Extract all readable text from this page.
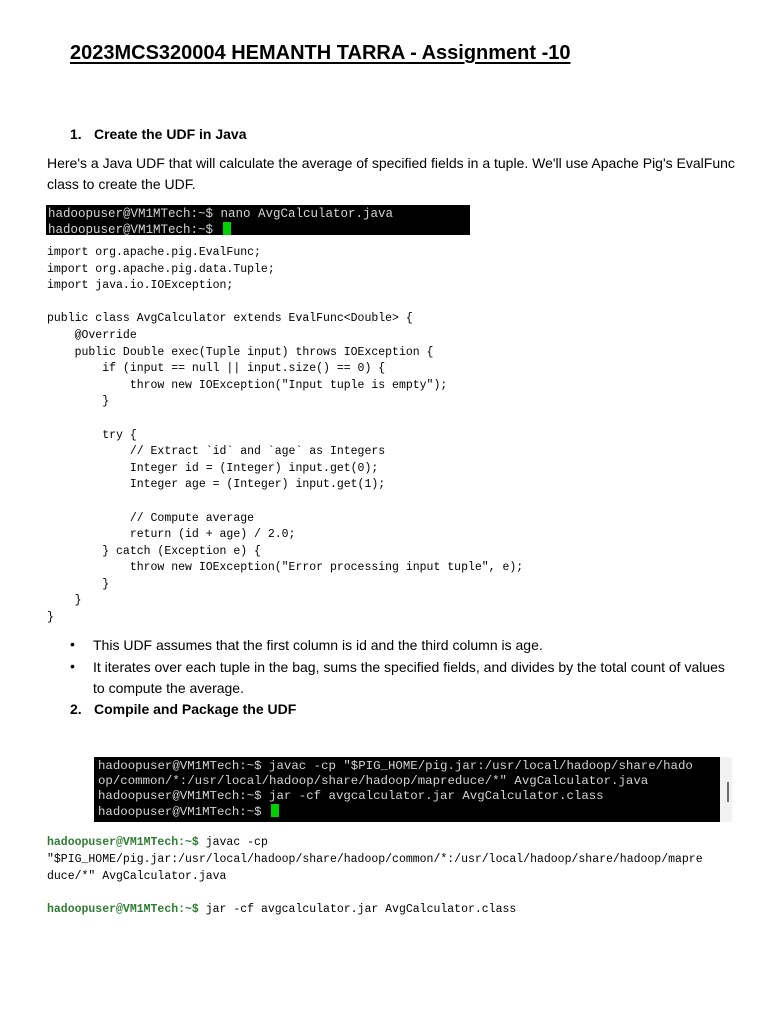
2023MCS320004 HEMANTH TARRA - Assignment -10
1. Create the UDF in Java
Here's a Java UDF that will calculate the average of specified fields in a tuple. We'll use Apache Pig's EvalFunc class to create the UDF.
hadoopuser@VM1MTech:~$ nano AvgCalculator.java
hadoopuser@VM1MTech:~$
import org.apache.pig.EvalFunc;
import org.apache.pig.data.Tuple;
import java.io.IOException;
public class AvgCalculator extends EvalFunc<Double> {
@Override
public Double exec(Tuple input) throws IOException {
if (input == null || input.size() == 0) {
throw new IOException("Input tuple is empty");
}
try {
// Extract `id` and `age` as Integers
Integer id = (Integer) input.get(0);
Integer age = (Integer) input.get(1);
// Compute average
return (id + age) / 2.0;
} catch (Exception e) {
throw new IOException("Error processing input tuple", e);
}
}
}
• This UDF assumes that the first column is id and the third column is age.
• It iterates over each tuple in the bag, sums the specified fields, and divides by the total count of values to compute the average.
2. Compile and Package the UDF
hadoopuser@VM1MTech:~$ javac -cp "$PIG_HOME/pig.jar:/usr/local/hadoop/share/hado
op/common/*:/usr/local/hadoop/share/hadoop/mapreduce/*" AvgCalculator.java
hadoopuser@VM1MTech:~$ jar -cf avgcalculator.jar AvgCalculator.class
hadoopuser@VM1MTech:~$
hadoopuser@VM1MTech:~$ javac -cp
"$PIG_HOME/pig.jar:/usr/local/hadoop/share/hadoop/common/*:/usr/local/hadoop/share/hadoop/mapre
duce/*" AvgCalculator.java
hadoopuser@VM1MTech:~$ jar -cf avgcalculator.jar AvgCalculator.class
